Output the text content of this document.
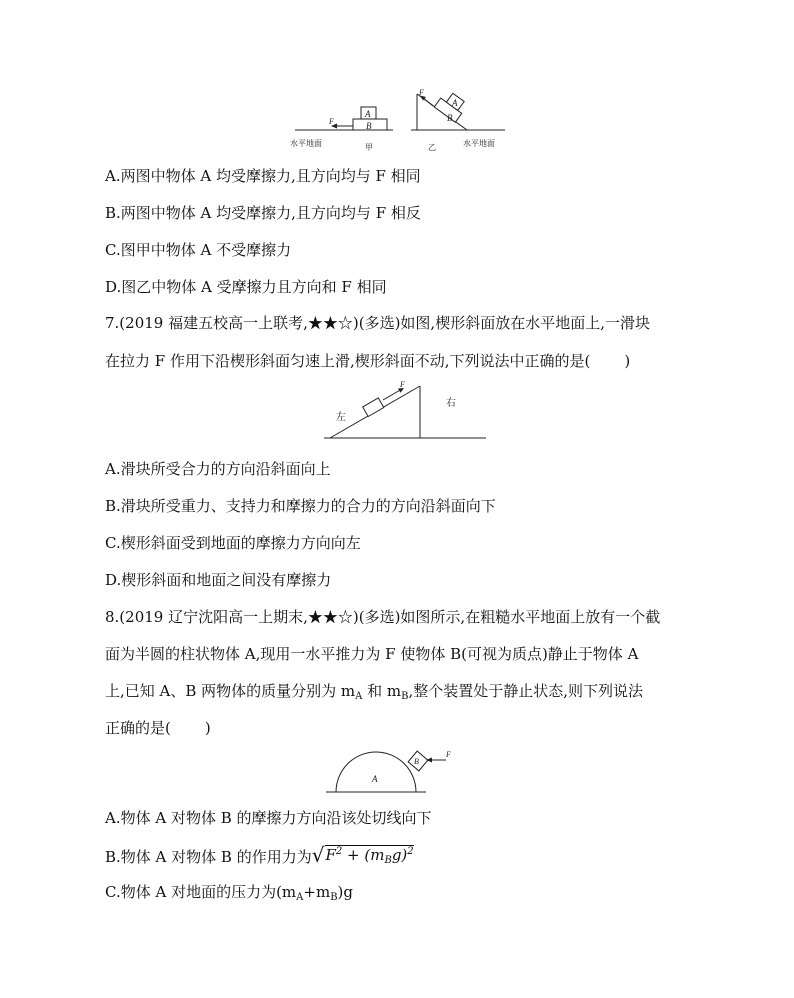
A
B
F
水平地面	甲
A
B
F
乙	水平地面
A.两图中物体 A 均受摩擦力,且方向均与 F 相同
B.两图中物体 A 均受摩擦力,且方向均与 F 相反
C.图甲中物体 A 不受摩擦力
D.图乙中物体 A 受摩擦力且方向和 F 相同
7.(2019 福建五校高一上联考,★★☆)(多选)如图,楔形斜面放在水平地面上,一滑块
在拉力 F 作用下沿楔形斜面匀速上滑,楔形斜面不动,下列说法中正确的是( )
F
左
右
A.滑块所受合力的方向沿斜面向上
B.滑块所受重力、支持力和摩擦力的合力的方向沿斜面向下
C.楔形斜面受到地面的摩擦力方向向左
D.楔形斜面和地面之间没有摩擦力
8.(2019 辽宁沈阳高一上期末,★★☆)(多选)如图所示,在粗糙水平地面上放有一个截
面为半圆的柱状物体 A,现用一水平推力为 F 使物体 B(可视为质点)静止于物体 A
上,已知 A、B 两物体的质量分别为 $m_A$ 和 $m_B$,整个装置处于静止状态,则下列说法
正确的是( )
A
B
F
A.物体 A 对物体 B 的摩擦力方向沿该处切线向下
B.物体 A 对物体 B 的作用力为 √ $F^2 + (m_Bg)^2$
C.物体 A 对地面的压力为$(m_A+m_B)g$
